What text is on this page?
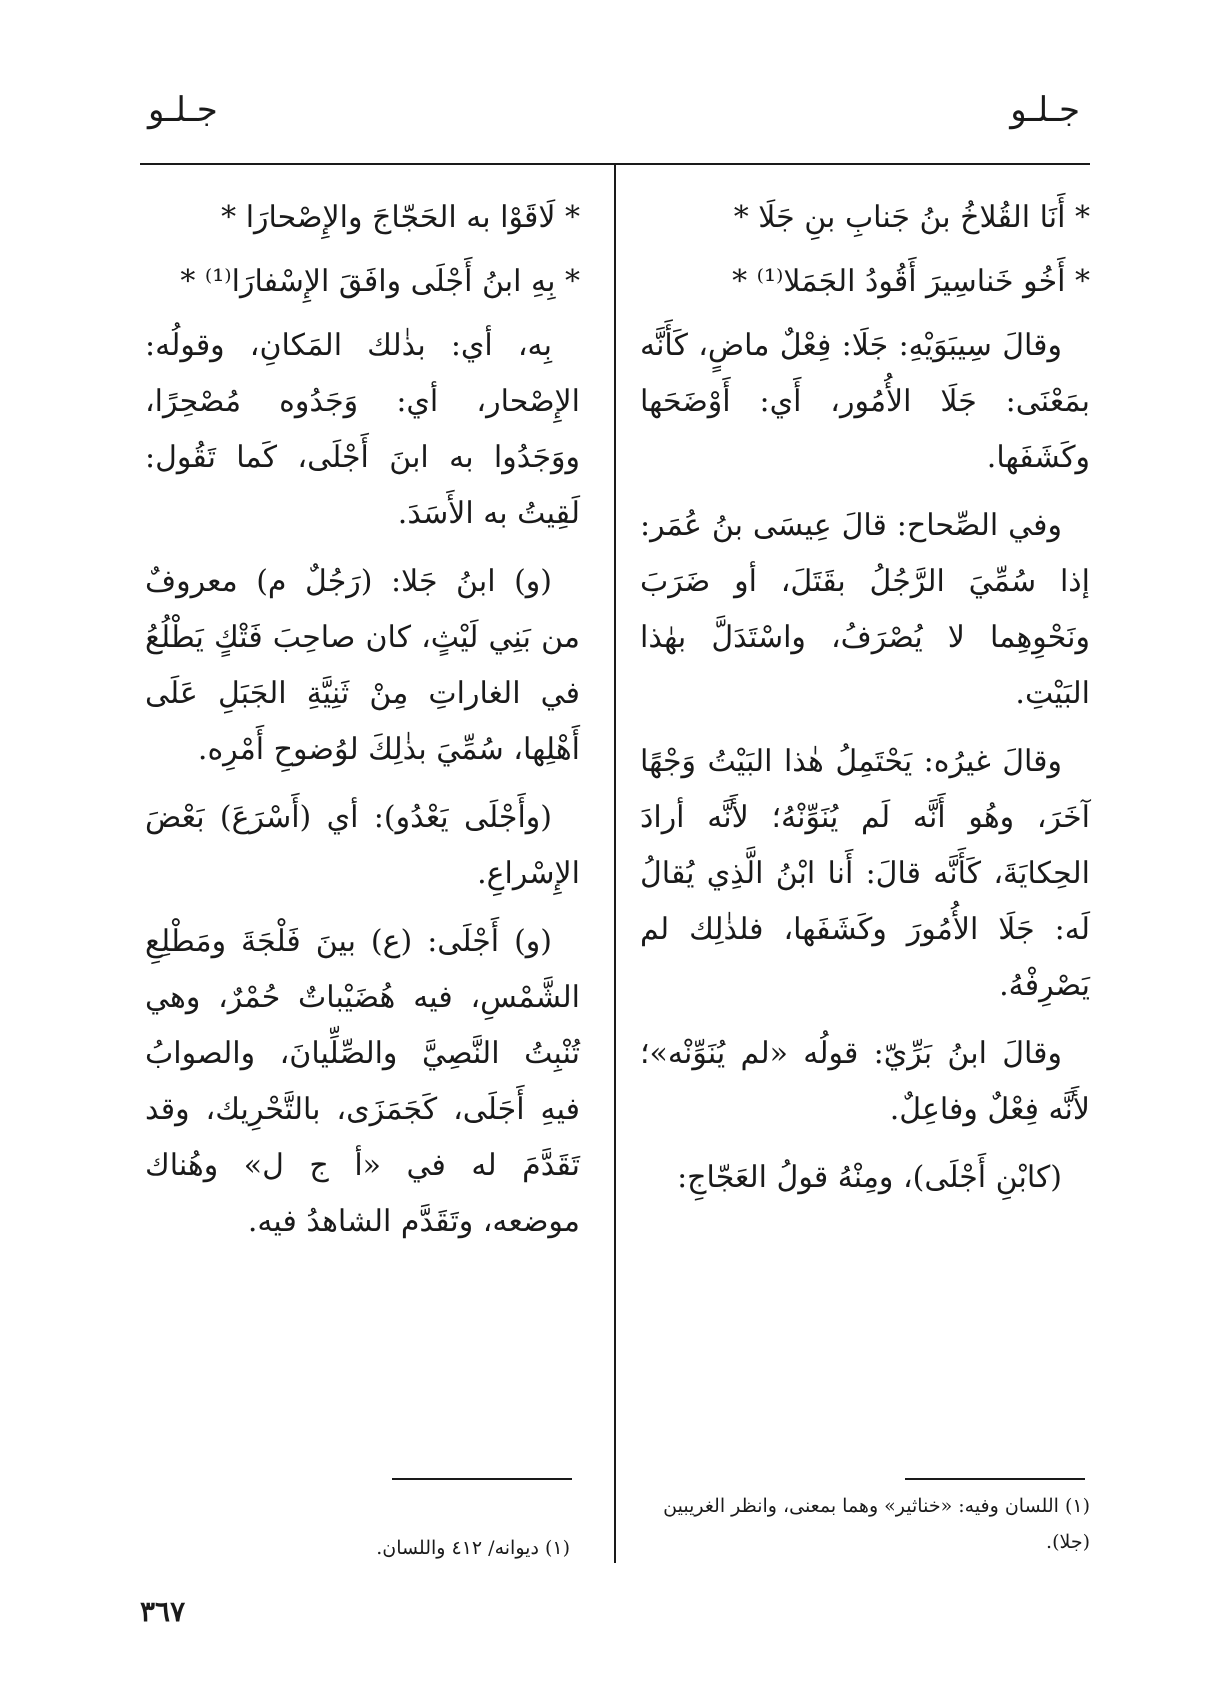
جـلـو
جـلـو
* أَنَا القُلاخُ بنُ جَنابِ بنِ جَلَا *
* أَخُو خَناسِيرَ أَقُودُ الجَمَلا⁽¹⁾ *

وقالَ سِيبَوَيْهِ: جَلَا: فِعْلٌ ماضٍ، كَأَنَّه بمَعْنَى: جَلَا الأُمُور، أَي: أَوْضَحَها وكَشَفَها.

وفي الصِّحاح: قالَ عِيسَى بنُ عُمَر: إذا سُمِّيَ الرَّجُلُ بقَتَلَ، أو ضَرَبَ ونَحْوِهِما لا يُصْرَفُ، واسْتَدَلَّ بهٰذا البَيْتِ.

وقالَ غيرُه: يَحْتَمِلُ هٰذا البَيْتُ وَجْهًا آخَرَ، وهُو أَنَّه لَم يُنَوِّنْهُ؛ لأَنَّه أرادَ الحِكايَةَ، كَأَنَّه قالَ: أَنا ابْنُ الَّذِي يُقالُ لَه: جَلَا الأُمُورَ وكَشَفَها، فلذٰلِك لم يَصْرِفْهُ.

وقالَ ابنُ بَرِّيّ: قولُه «لم يُنَوِّنْه»؛ لأَنَّه فِعْلٌ وفاعِلٌ.

(كابْنِ أَجْلَى)، ومِنْهُ قولُ العَجّاجِ:

* لَاقَوْا به الحَجّاجَ والإِصْحارَا *
* بِهِ ابنُ أَجْلَى وافَقَ الإِسْفارَا⁽¹⁾ *

بِه، أي: بذٰلك المَكانِ، وقولُه: الإِصْحار، أي: وَجَدُوه مُصْحِرًا، ووَجَدُوا به ابنَ أَجْلَى، كَما تَقُول: لَقِيتُ به الأَسَدَ.

(و) ابنُ جَلا: (رَجُلٌ م) معروفٌ من بَنِي لَيْثٍ، كان صاحِبَ فَتْكٍ يَطْلُعُ في الغاراتِ مِنْ ثَنِيَّةِ الجَبَلِ عَلَى أَهْلِها، سُمِّيَ بذٰلِكَ لوُضوحِ أَمْرِه.

(وأَجْلَى يَعْدُو): أي (أَسْرَعَ) بَعْضَ الإِسْراعِ.

(و) أَجْلَى: (ع) بينَ فَلْجَةَ ومَطْلِعِ الشَّمْسِ، فيه هُضَيْباتٌ حُمْرٌ، وهي تُنْبِتُ النَّصِيَّ والصِّلِّيانَ، والصوابُ فيهِ أَجَلَى، كَجَمَزَى، بالتَّحْرِيك، وقد تَقَدَّمَ له في «أ ج ل» وهُناك موضعه، وتَقَدَّم الشاهدُ فيه.

(١) اللسان وفيه: «خناثير» وهما بمعنى، وانظر الغريبين (جلا).
(١) ديوانه/ ٤١٢ واللسان.
٣٦٧
